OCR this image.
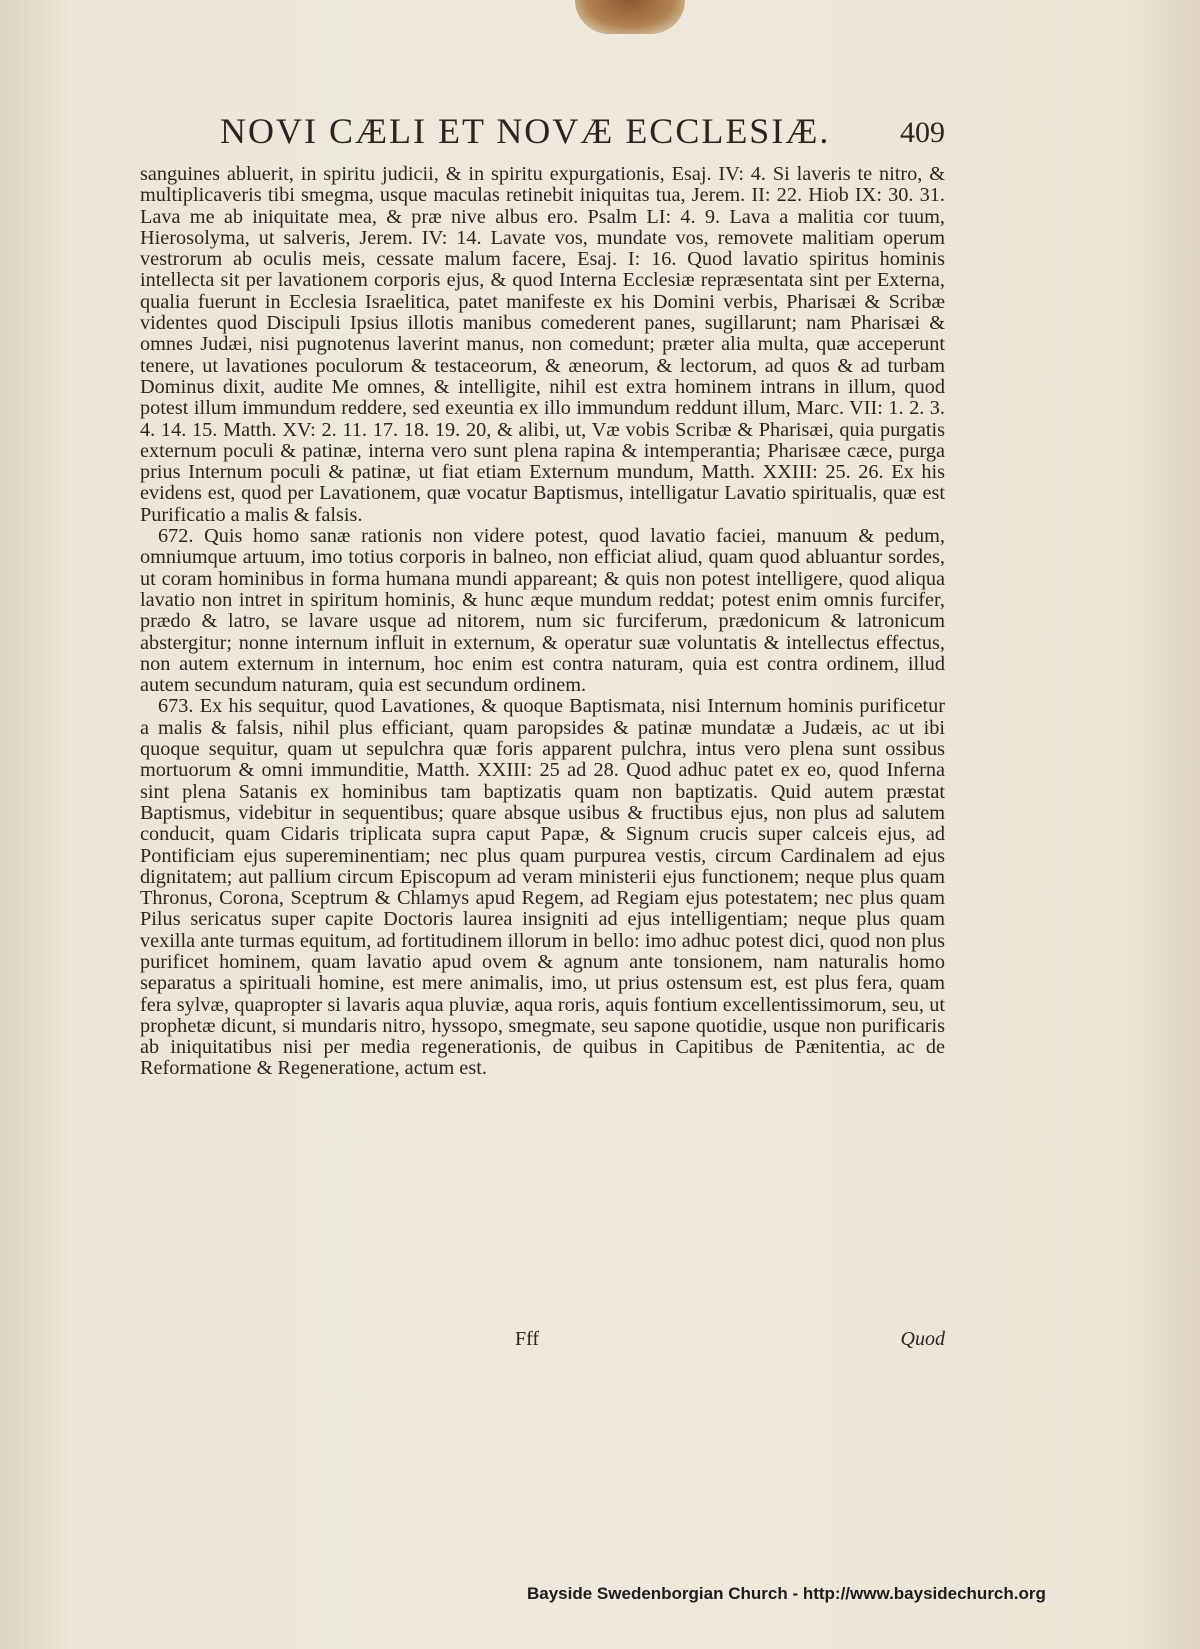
NOVI CÆLI ET NOVÆ ECCLESIÆ. 409

sanguines abluerit, in spiritu judicii, & in spiritu expurgationis, Esaj. IV: 4. Si laveris te nitro, & multiplicaveris tibi smegma, usque maculas retinebit iniquitas tua, Jerem. II: 22. Hiob IX: 30. 31. Lava me ab iniquitate mea, & præ nive albus ero. Psalm LI: 4. 9. Lava a malitia cor tuum, Hierosolyma, ut salveris, Jerem. IV: 14. Lavate vos, mundate vos, removete malitiam operum vestrorum ab oculis meis, cessate malum facere, Esaj. I: 16. Quod lavatio spiritus hominis intellecta sit per lavationem corporis ejus, & quod Interna Ecclesiæ repræsentata sint per Externa, qualia fuerunt in Ecclesia Israelitica, patet manifeste ex his Domini verbis, Pharisæi & Scribæ videntes quod Discipuli Ipsius illotis manibus comederent panes, sugillarunt; nam Pharisæi & omnes Judæi, nisi pugnotenus laverint manus, non comedunt; præter alia multa, quæ acceperunt tenere, ut lavationes poculorum & testaceorum, & æneorum, & lectorum, ad quos & ad turbam Dominus dixit, audite Me omnes, & intelligite, nihil est extra hominem intrans in illum, quod potest illum immundum reddere, sed exeuntia ex illo immundum reddunt illum, Marc. VII: 1. 2. 3. 4. 14. 15. Matth. XV: 2. 11. 17. 18. 19. 20, & alibi, ut, Væ vobis Scribæ & Pharisæi, quia purgatis externum poculi & patinæ, interna vero sunt plena rapina & intemperantia; Pharisæe cæce, purga prius Internum poculi & patinæ, ut fiat etiam Externum mundum, Matth. XXIII: 25. 26. Ex his evidens est, quod per Lavationem, quæ vocatur Baptismus, intelligatur Lavatio spiritualis, quæ est Purificatio a malis & falsis.

672. Quis homo sanæ rationis non videre potest, quod lavatio faciei, manuum & pedum, omniumque artuum, imo totius corporis in balneo, non efficiat aliud, quam quod abluantur sordes, ut coram hominibus in forma humana mundi appareant; & quis non potest intelligere, quod aliqua lavatio non intret in spiritum hominis, & hunc æque mundum reddat; potest enim omnis furcifer, prædo & latro, se lavare usque ad nitorem, num sic furciferum, prædonicum & latronicum abstergitur; nonne internum influit in externum, & operatur suæ voluntatis & intellectus effectus, non autem externum in internum, hoc enim est contra naturam, quia est contra ordinem, illud autem secundum naturam, quia est secundum ordinem.

673. Ex his sequitur, quod Lavationes, & quoque Baptismata, nisi Internum hominis purificetur a malis & falsis, nihil plus efficiant, quam paropsides & patinæ mundatæ a Judæis, ac ut ibi quoque sequitur, quam ut sepulchra quæ foris apparent pulchra, intus vero plena sunt ossibus mortuorum & omni immunditie, Matth. XXIII: 25 ad 28. Quod adhuc patet ex eo, quod Inferna sint plena Satanis ex hominibus tam baptizatis quam non baptizatis. Quid autem præstat Baptismus, videbitur in sequentibus; quare absque usibus & fructibus ejus, non plus ad salutem conducit, quam Cidaris triplicata supra caput Papæ, & Signum crucis super calceis ejus, ad Pontificiam ejus supereminentiam; nec plus quam purpurea vestis, circum Cardinalem ad ejus dignitatem; aut pallium circum Episcopum ad veram ministerii ejus functionem; neque plus quam Thronus, Corona, Sceptrum & Chlamys apud Regem, ad Regiam ejus potestatem; nec plus quam Pilus sericatus super capite Doctoris laurea insigniti ad ejus intelligentiam; neque plus quam vexilla ante turmas equitum, ad fortitudinem illorum in bello: imo adhuc potest dici, quod non plus purificet hominem, quam lavatio apud ovem & agnum ante tonsionem, nam naturalis homo separatus a spirituali homine, est mere animalis, imo, ut prius ostensum est, est plus fera, quam fera sylvæ, quapropter si lavaris aqua pluviæ, aqua roris, aquis fontium excellentissimorum, seu, ut prophetæ dicunt, si mundaris nitro, hyssopo, smegmate, seu sapone quotidie, usque non purificaris ab iniquitatibus nisi per media regenerationis, de quibus in Capitibus de Pænitentia, ac de Reformatione & Regeneratione, actum est.

Fff	Quod
Bayside Swedenborgian Church - http://www.baysidechurch.org
